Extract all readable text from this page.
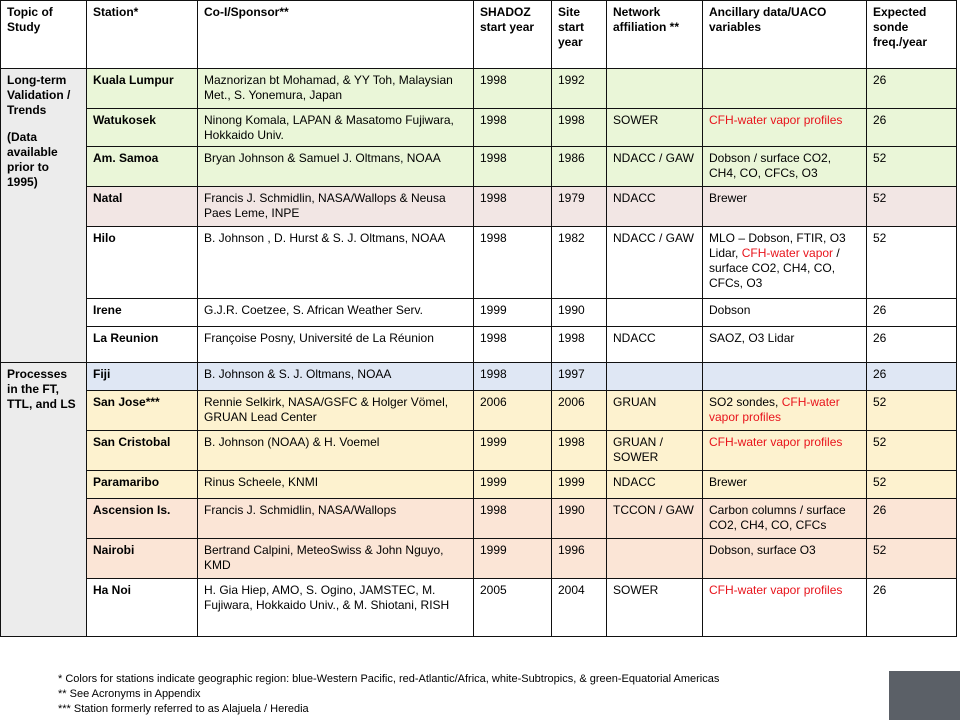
Topic of Study	Station*	Co-I/Sponsor**	SHADOZ start year	Site start year	Network affiliation **	Ancillary data/UACO variables	Expected sonde freq./year

Long-term Validation / Trends
(Data available prior to 1995)	Kuala Lumpur	Maznorizan bt Mohamad, & YY Toh, Malaysian Met., S. Yonemura, Japan	1998	1992			26
	Watukosek	Ninong Komala, LAPAN & Masatomo Fujiwara, Hokkaido Univ.	1998	1998	SOWER	CFH-water vapor profiles	26
	Am. Samoa	Bryan Johnson & Samuel J. Oltmans, NOAA	1998	1986	NDACC / GAW	Dobson / surface CO2, CH4, CO, CFCs, O3	52
	Natal	Francis J. Schmidlin, NASA/Wallops & Neusa Paes Leme, INPE	1998	1979	NDACC	Brewer	52
	Hilo	B. Johnson , D. Hurst & S. J. Oltmans, NOAA	1998	1982	NDACC / GAW	MLO – Dobson, FTIR, O3 Lidar, CFH-water vapor / surface CO2, CH4, CO, CFCs, O3	52
	Irene	G.J.R. Coetzee, S. African Weather Serv.	1999	1990		Dobson	26
	La Reunion	Françoise Posny, Université de La Réunion	1998	1998	NDACC	SAOZ, O3 Lidar	26

Processes in the FT, TTL, and LS	Fiji	B. Johnson & S. J. Oltmans, NOAA	1998	1997			26
	San Jose***	Rennie Selkirk, NASA/GSFC & Holger Vömel, GRUAN Lead Center	2006	2006	GRUAN	SO2 sondes, CFH-water vapor profiles	52
	San Cristobal	B. Johnson (NOAA) & H. Voemel	1999	1998	GRUAN / SOWER	CFH-water vapor profiles	52
	Paramaribo	Rinus Scheele, KNMI	1999	1999	NDACC	Brewer	52
	Ascension Is.	Francis J. Schmidlin, NASA/Wallops	1998	1990	TCCON / GAW	Carbon columns / surface CO2, CH4, CO, CFCs	26
	Nairobi	Bertrand Calpini, MeteoSwiss & John Nguyo, KMD	1999	1996		Dobson, surface O3	52
	Ha Noi	H. Gia Hiep, AMO, S. Ogino, JAMSTEC, M. Fujiwara, Hokkaido Univ., & M. Shiotani, RISH	2005	2004	SOWER	CFH-water vapor profiles	26
* Colors for stations indicate geographic region: blue-Western Pacific, red-Atlantic/Africa, white-Subtropics, & green-Equatorial Americas
** See Acronyms in Appendix
*** Station formerly referred to as Alajuela / Heredia
